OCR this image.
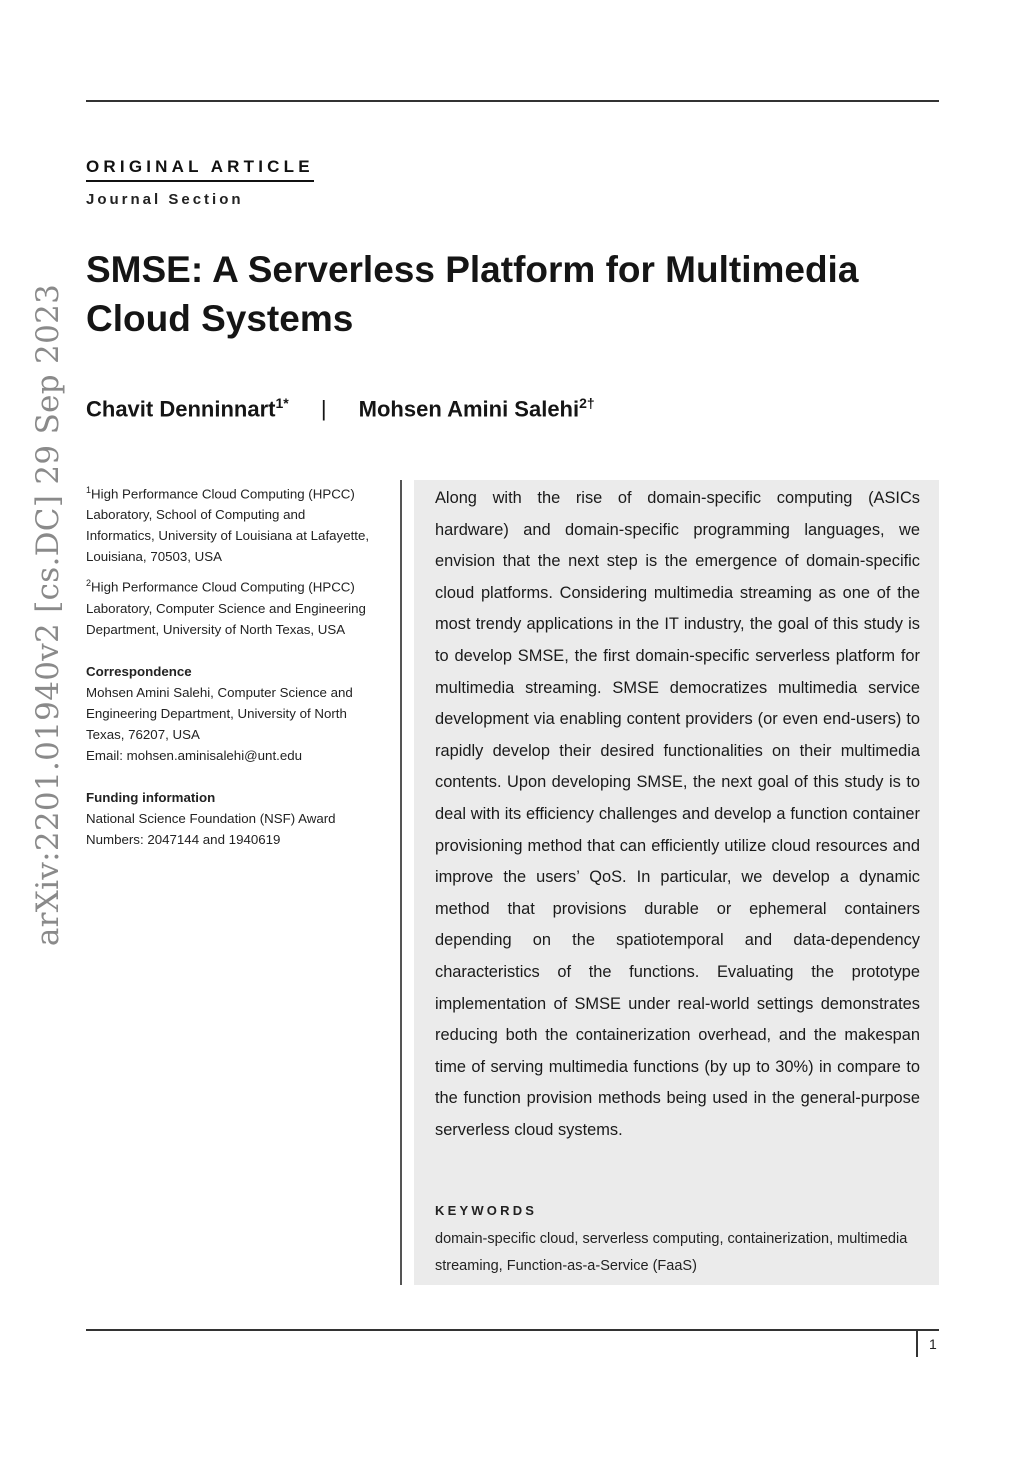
ORIGINAL ARTICLE
Journal Section
arXiv:2201.01940v2 [cs.DC] 29 Sep 2023
SMSE: A Serverless Platform for Multimedia Cloud Systems
Chavit Denninnart$^{1*}$ | Mohsen Amini Salehi$^{2\dagger}$

$^1$High Performance Cloud Computing (HPCC) Laboratory, School of Computing and Informatics, University of Louisiana at Lafayette, Louisiana, 70503, USA

$^2$High Performance Cloud Computing (HPCC) Laboratory, Computer Science and Engineering Department, University of North Texas, USA

Correspondence

Mohsen Amini Salehi, Computer Science and Engineering Department, University of North Texas, 76207, USA

Email: mohsen.aminisalehi@unt.edu

Funding information

National Science Foundation (NSF) Award Numbers: 2047144 and 1940619

Along with the rise of domain-specific computing (ASICs hardware) and domain-specific programming languages, we envision that the next step is the emergence of domain-specific cloud platforms. Considering multimedia streaming as one of the most trendy applications in the IT industry, the goal of this study is to develop SMSE, the first domain-specific serverless platform for multimedia streaming. SMSE democratizes multimedia service development via enabling content providers (or even end-users) to rapidly develop their desired functionalities on their multimedia contents. Upon developing SMSE, the next goal of this study is to deal with its efficiency challenges and develop a function container provisioning method that can efficiently utilize cloud resources and improve the users’ QoS. In particular, we develop a dynamic method that provisions durable or ephemeral containers depending on the spatiotemporal and data-dependency characteristics of the functions. Evaluating the prototype implementation of SMSE under real-world settings demonstrates reducing both the containerization overhead, and the makespan time of serving multimedia functions (by up to 30%) in compare to the function provision methods being used in the general-purpose serverless cloud systems.

KEYWORDS

domain-specific cloud, serverless computing, containerization, multimedia streaming, Function-as-a-Service (FaaS)

1
